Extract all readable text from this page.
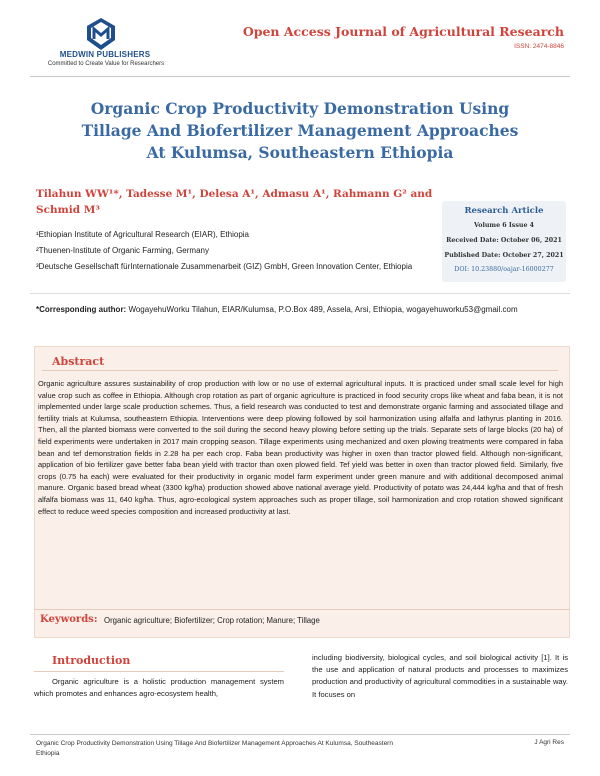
MEDWIN PUBLISHERS
Committed to Create Value for Researchers
Open Access Journal of Agricultural Research
ISSN: 2474-8846
Organic Crop Productivity Demonstration Using Tillage And Biofertilizer Management Approaches At Kulumsa, Southeastern Ethiopia
Tilahun WW¹*, Tadesse M¹, Delesa A¹, Admasu A¹, Rahmann G² and Schmid M³
¹Ethiopian Institute of Agricultural Research (EIAR), Ethiopia
²Thuenen-Institute of Organic Farming, Germany
³Deutsche Gesellschaft fürInternationale Zusammenarbeit (GIZ) GmbH, Green Innovation Center, Ethiopia
Research Article
Volume 6 Issue 4
Received Date: October 06, 2021
Published Date: October 27, 2021
DOI: 10.23880/oajar-16000277
*Corresponding author: WogayehuWorku Tilahun, EIAR/Kulumsa, P.O.Box 489, Assela, Arsi, Ethiopia, wogayehuworku53@gmail.com
Abstract
Organic agriculture assures sustainability of crop production with low or no use of external agricultural inputs. It is practiced under small scale level for high value crop such as coffee in Ethiopia. Although crop rotation as part of organic agriculture is practiced in food security crops like wheat and faba bean, it is not implemented under large scale production schemes. Thus, a field research was conducted to test and demonstrate organic farming and associated tillage and fertility trials at Kulumsa, southeastern Ethiopia. Interventions were deep plowing followed by soil harmonization using alfalfa and lathyrus planting in 2016. Then, all the planted biomass were converted to the soil during the second heavy plowing before setting up the trials. Separate sets of large blocks (20 ha) of field experiments were undertaken in 2017 main cropping season. Tillage experiments using mechanized and oxen plowing treatments were compared in faba bean and tef demonstration fields in 2.28 ha per each crop. Faba bean productivity was higher in oxen than tractor plowed field. Although non-significant, application of bio fertilizer gave better faba bean yield with tractor than oxen plowed field. Tef yield was better in oxen than tractor plowed field. Similarly, five crops (0.75 ha each) were evaluated for their productivity in organic model farm experiment under green manure and with additional decomposed animal manure. Organic based bread wheat (3300 kg/ha) production showed above national average yield. Productivity of potato was 24,444 kg/ha and that of fresh alfalfa biomass was 11, 640 kg/ha. Thus, agro-ecological system approaches such as proper tillage, soil harmonization and crop rotation showed significant effect to reduce weed species composition and increased productivity at last.
Keywords: Organic agriculture; Biofertilizer; Crop rotation; Manure; Tillage
Introduction
Organic agriculture is a holistic production management system which promotes and enhances agro-ecosystem health,
including biodiversity, biological cycles, and soil biological activity [1]. It is the use and application of natural products and processes to maximizes production and productivity of agricultural commodities in a sustainable way. It focuses on
Organic Crop Productivity Demonstration Using Tillage And Biofertilizer Management Approaches At Kulumsa, Southeastern Ethiopia
J Agri Res
